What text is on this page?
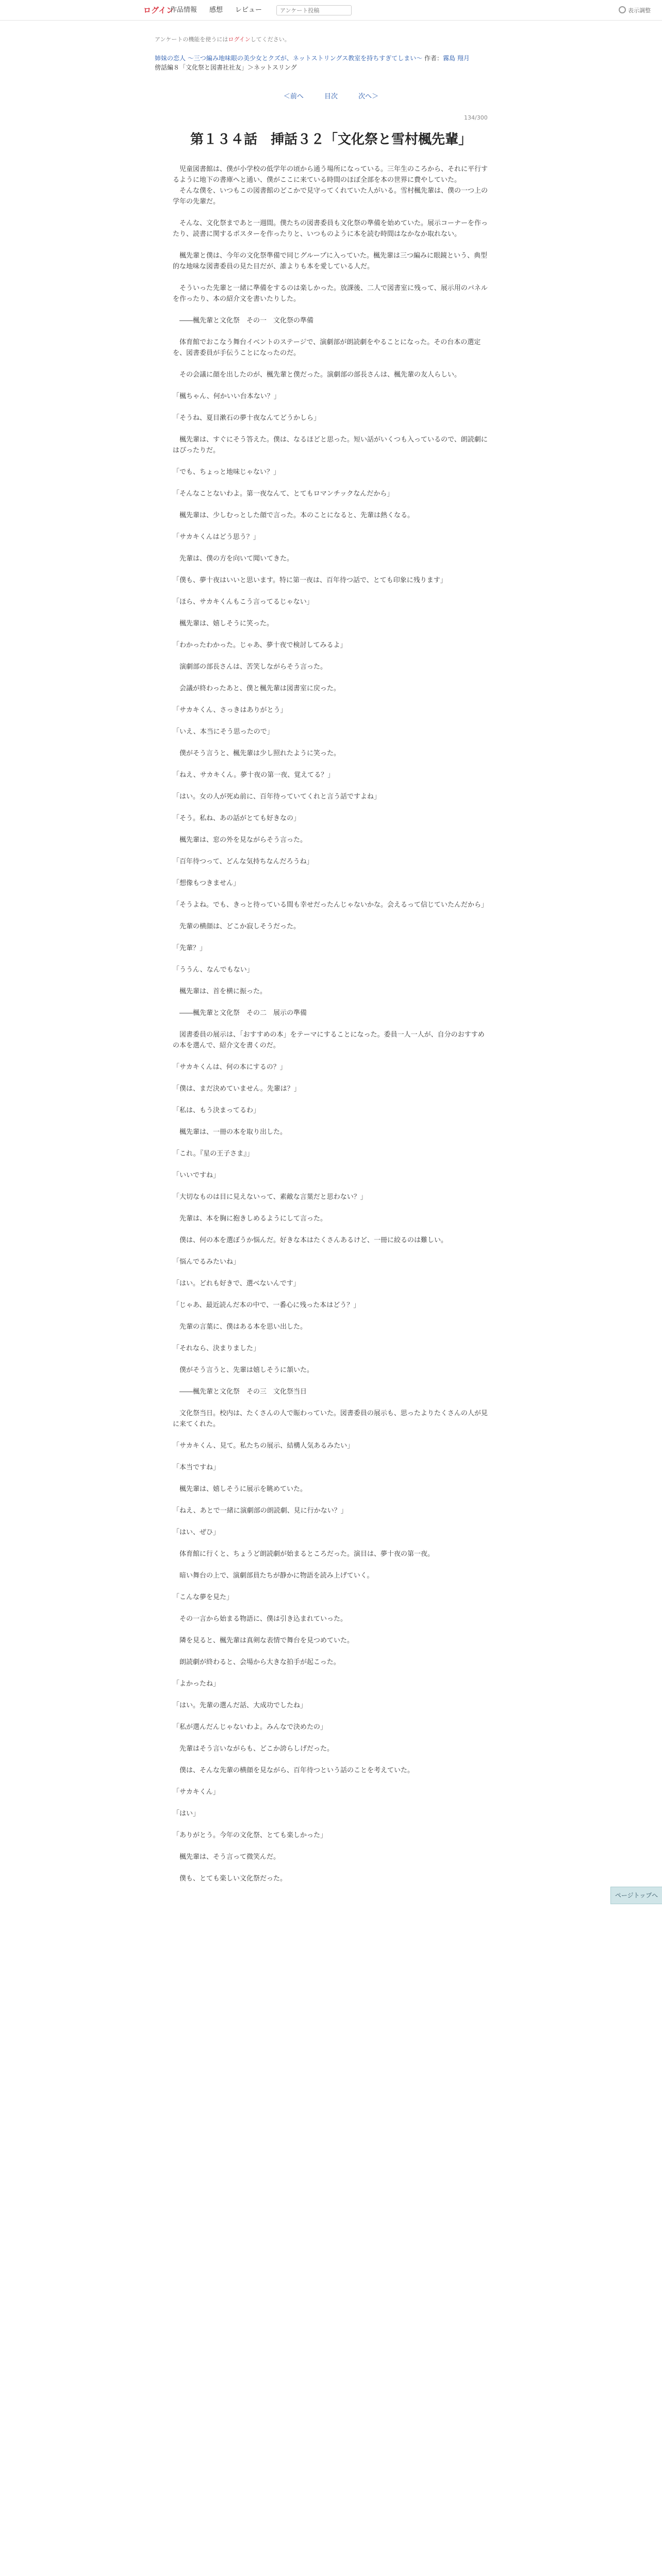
ログイン
作品情報 感想 レビュー
アンケート投稿	表示調整
アンケートの機能を使うにはログインしてください。
姉妹の恋人 ～三つ編み地味眼の美少女とクズが、ネットストリングス教室を持ちすぎてしまい～ 作者：霧島 翔月
傍話編８「文化祭と図書社社友」＞ネットスリング
＜前へ	目次	次へ＞
134/300
第１３４話　挿話３２「文化祭と雪村楓先輩」

　児童図書館は、僕が小学校の低学年の頃から通う場所になっている。三年生のころから、それに平行するように地下の書庫へと通い、僕がここに来ている時間のほぼ全部を本の世界に費やしていた。

　そんな僕を、いつもこの図書館のどこかで見守ってくれていた人がいる。雪村楓先輩は、僕の一つ上の学年の先輩だ。

　そんな、文化祭まであと一週間。僕たちの図書委員も文化祭の準備を始めていた。展示コーナーを作ったり、読書に関するポスターを作ったりと、いつものように本を読む時間はなかなか取れない。

　楓先輩と僕は、今年の文化祭準備で同じグループに入っていた。楓先輩は三つ編みに眼鏡という、典型的な地味な図書委員の見た目だが、誰よりも本を愛している人だ。

　そういった先輩と一緒に準備をするのは楽しかった。放課後、二人で図書室に残って、展示用のパネルを作ったり、本の紹介文を書いたりした。

　――楓先輩と文化祭　その一　文化祭の準備

　体育館でおこなう舞台イベントのステージで、演劇部が朗読劇をやることになった。その台本の選定を、図書委員が手伝うことになったのだ。

　その会議に顔を出したのが、楓先輩と僕だった。演劇部の部長さんは、楓先輩の友人らしい。

「楓ちゃん、何かいい台本ない？」

「そうね、夏目漱石の夢十夜なんてどうかしら」

　楓先輩は、すぐにそう答えた。僕は、なるほどと思った。短い話がいくつも入っているので、朗読劇にはぴったりだ。

「でも、ちょっと地味じゃない？」

「そんなことないわよ。第一夜なんて、とてもロマンチックなんだから」

　楓先輩は、少しむっとした顔で言った。本のことになると、先輩は熱くなる。

「サカキくんはどう思う？」

　先輩は、僕の方を向いて聞いてきた。

「僕も、夢十夜はいいと思います。特に第一夜は、百年待つ話で、とても印象に残ります」

「ほら、サカキくんもこう言ってるじゃない」

　楓先輩は、嬉しそうに笑った。

「わかったわかった。じゃあ、夢十夜で検討してみるよ」

　演劇部の部長さんは、苦笑しながらそう言った。

　会議が終わったあと、僕と楓先輩は図書室に戻った。

「サカキくん、さっきはありがとう」

「いえ、本当にそう思ったので」

　僕がそう言うと、楓先輩は少し照れたように笑った。

「ねえ、サカキくん。夢十夜の第一夜、覚えてる？」

「はい。女の人が死ぬ前に、百年待っていてくれと言う話ですよね」

「そう。私ね、あの話がとても好きなの」

　楓先輩は、窓の外を見ながらそう言った。

「百年待つって、どんな気持ちなんだろうね」

「想像もつきません」

「そうよね。でも、きっと待っている間も幸せだったんじゃないかな。会えるって信じていたんだから」

　先輩の横顔は、どこか寂しそうだった。

「先輩？」

「ううん、なんでもない」

　楓先輩は、首を横に振った。

　――楓先輩と文化祭　その二　展示の準備

　図書委員の展示は、「おすすめの本」をテーマにすることになった。委員一人一人が、自分のおすすめの本を選んで、紹介文を書くのだ。

「サカキくんは、何の本にするの？」

「僕は、まだ決めていません。先輩は？」

「私は、もう決まってるわ」

　楓先輩は、一冊の本を取り出した。

「これ。『星の王子さま』」

「いいですね」

「大切なものは目に見えないって、素敵な言葉だと思わない？」

　先輩は、本を胸に抱きしめるようにして言った。

　僕は、何の本を選ぼうか悩んだ。好きな本はたくさんあるけど、一冊に絞るのは難しい。

「悩んでるみたいね」

「はい。どれも好きで、選べないんです」

「じゃあ、最近読んだ本の中で、一番心に残った本はどう？」

　先輩の言葉に、僕はある本を思い出した。

「それなら、決まりました」

　僕がそう言うと、先輩は嬉しそうに頷いた。

　――楓先輩と文化祭　その三　文化祭当日

　文化祭当日。校内は、たくさんの人で賑わっていた。図書委員の展示も、思ったよりたくさんの人が見に来てくれた。

「サカキくん、見て。私たちの展示、結構人気あるみたい」

「本当ですね」

　楓先輩は、嬉しそうに展示を眺めていた。

「ねえ、あとで一緒に演劇部の朗読劇、見に行かない？」

「はい、ぜひ」

　体育館に行くと、ちょうど朗読劇が始まるところだった。演目は、夢十夜の第一夜。

　暗い舞台の上で、演劇部員たちが静かに物語を読み上げていく。

「こんな夢を見た」

　その一言から始まる物語に、僕は引き込まれていった。

　隣を見ると、楓先輩は真剣な表情で舞台を見つめていた。

　朗読劇が終わると、会場から大きな拍手が起こった。

「よかったね」

「はい。先輩の選んだ話、大成功でしたね」

「私が選んだんじゃないわよ。みんなで決めたの」

　先輩はそう言いながらも、どこか誇らしげだった。

　僕は、そんな先輩の横顔を見ながら、百年待つという話のことを考えていた。

「サカキくん」

「はい」

「ありがとう。今年の文化祭、とても楽しかった」

　楓先輩は、そう言って微笑んだ。

　僕も、とても楽しい文化祭だった。

ページトップへ
